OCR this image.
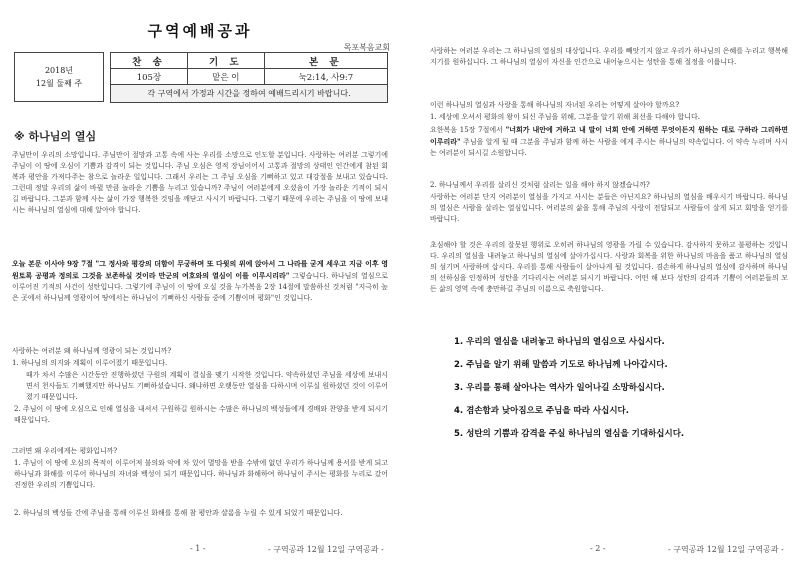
구역예배공과
목포복음교회
2018년
12월 둘째 주
찬 송	기 도	본 문
105장	맡은 이	눅2:14, 사9:7
각 구역에서 가정과 시간을 정하여 예배드리시기 바랍니다.		
※ 하나님의 열심

주님만이 우리의 소망입니다. 주님만이 절망과 고통 속에 사는 우리를 소망으로 인도할 분입니다. 사랑하는 여러분 그렇기에 주님이 이 땅에 오심이 기쁨과 감격이 되는 것입니다. 주님 오심은 영적 장님이어서 고통과 절망의 상태인 인간에게 참된 회복과 평안을 가져다주는 참으로 놀라운 일입니다. 그래서 우리는 그 주님 오심을 기뻐하고 있고 대강절을 보내고 있습니다. 그런데 정말 우리의 삶이 바뀔 만큼 놀라운 기쁨을 누리고 있습니까? 주님이 여러분에게 오셨음이 가장 놀라운 기적이 되시길 바랍니다. 그분과 함께 사는 삶이 가장 행복한 것임을 깨닫고 사시기 바랍니다. 그렇기 때문에 우리는 주님을 이 땅에 보내시는 하나님의 열심에 대해 알아야 합니다.

오늘 본문 이사야 9장 7절 "그 정사와 평강의 더함이 무궁하며 또 다윗의 위에 앉아서 그 나라를 굳게 세우고 지금 이후 영원토록 공평과 정의로 그것을 보존하실 것이라 만군의 여호와의 열심이 이를 이루시리라" 그렇습니다. 하나님의 열심으로 이루어진 기적의 사건이 성탄입니다. 그렇기에 주님이 이 땅에 오실 것을 누가복음 2장 14절에 말씀하신 것처럼 "지극히 높은 곳에서 하나님께 영광이여 땅에서는 하나님이 기뻐하신 사람들 중에 기쁨이며 평화"인 것입니다.

사랑하는 여러분 왜 하나님께 영광이 되는 것입니까?

1. 하나님의 의지와 계획이 이루어졌기 때문입니다.

때가 차서 수많은 시간동안 진행하셨던 구원의 계획이 결실을 맺기 시작한 것입니다. 약속하셨던 주님을 세상에 보내시면서 천사들도 기뻐했지만 하나님도 기뻐하셨습니다. 왜냐하면 오랫동안 열심을 다하시며 이루실 원하셨던 것이 이루어졌기 때문입니다.

2. 주님이 이 땅에 오심으로 인해 열심을 내셔서 구원하길 원하시는 수많은 하나님의 백성들에게 경배와 찬양을 받게 되시기 때문입니다.

그러면 왜 우리에게는 평화입니까?

1. 주님이 이 땅에 오심의 목적이 이루어져 불의와 악에 차 있어 멸망을 받을 수밖에 없던 우리가 하나님께 용서를 받게 되고 하나님과 화해를 이루어 하나님의 자녀와 백성이 되기 때문입니다. 하나님과 화해하여 하나님이 주시는 평화를 누리로 갔어 진정한 우리의 기쁨입니다.

2. 하나님의 백성들 간에 주님을 통해 이루신 화해를 통해 참 평안과 샬롬을 누릴 수 있게 되었기 때문입니다.

- 1 -	- 구역공과 12월 12일 구역공과 -

사랑하는 여러분 우리는 그 하나님의 열심의 대상입니다. 우리를 빼앗기지 않고 우리가 하나님의 은혜를 누리고 행복해지기를 원하십니다. 그 하나님의 열심이 자신을 인간으로 내어놓으시는 성탄을 통해 절정을 이룹니다.

이런 하나님의 열심과 사랑을 통해 하나님의 자녀된 우리는 어떻게 살아야 할까요?

1. 세상에 오셔서 평화의 왕이 되신 주님을 위해, 그분을 알기 위해 최선을 다해야 합니다.

요한복음 15장 7절에서 "너희가 내안에 거하고 내 말이 너희 안에 거하면 무엇이든지 원하는 대로 구하라 그리하면 이루리라" 주님을 알게 될 때 그분을 주님과 함께 하는 사람을 에게 주시는 하나님의 약속입니다. 이 약속 누리며 사시는 여러분이 되시길 소원합니다.

2. 하나님께서 우리를 살리신 것처럼 살리는 일을 해야 하지 않겠습니까?

사랑하는 여러분 단지 여러분이 열심을 가지고 사시는 분들은 아닌지요? 하나님의 열심을 배우시기 바랍니다. 하나님의 열심은 사람을 살리는 열심입니다. 여러분의 삶을 통해 주님의 사랑이 전달되고 사람들이 살게 되고 회망을 얻기를 바랍니다.

초심해야 할 것은 우리의 잘못된 행위로 오히려 하나님의 영광을 가릴 수 있습니다. 감사하지 못하고 불평하는 것입니다. 우리의 열심을 내려놓고 하나님의 열심에 살아가십시다. 사랑과 회복을 위한 하나님의 마음을 품고 하나님의 열심의 섬기며 사랑하며 삽시다. 우리를 통해 사람들이 살아나게 될 것입니다. 겸손하게 하나님의 열심에 감사하며 하나님의 선하심을 인정하며 성탄을 기다리시는 여러분 되시기 바랍니다. 어떤 해 보다 성탄의 감격과 기쁨이 여러분들의 모든 삶의 영역 속에 충만하길 주님의 이름으로 축원합니다.

1. 우리의 열심을 내려놓고 하나님의 열심으로 사십시다.
2. 주님을 알기 위해 말씀과 기도로 하나님께 나아갑시다.
3. 우리를 통해 살아나는 역사가 일어나길 소망하십시다.
4. 겸손함과 낮아짐으로 주님을 따라 사십시다.
5. 성탄의 기쁨과 감격을 주실 하나님의 열심을 기대하십시다.
- 2 -	- 구역공과 12월 12일 구역공과 -
